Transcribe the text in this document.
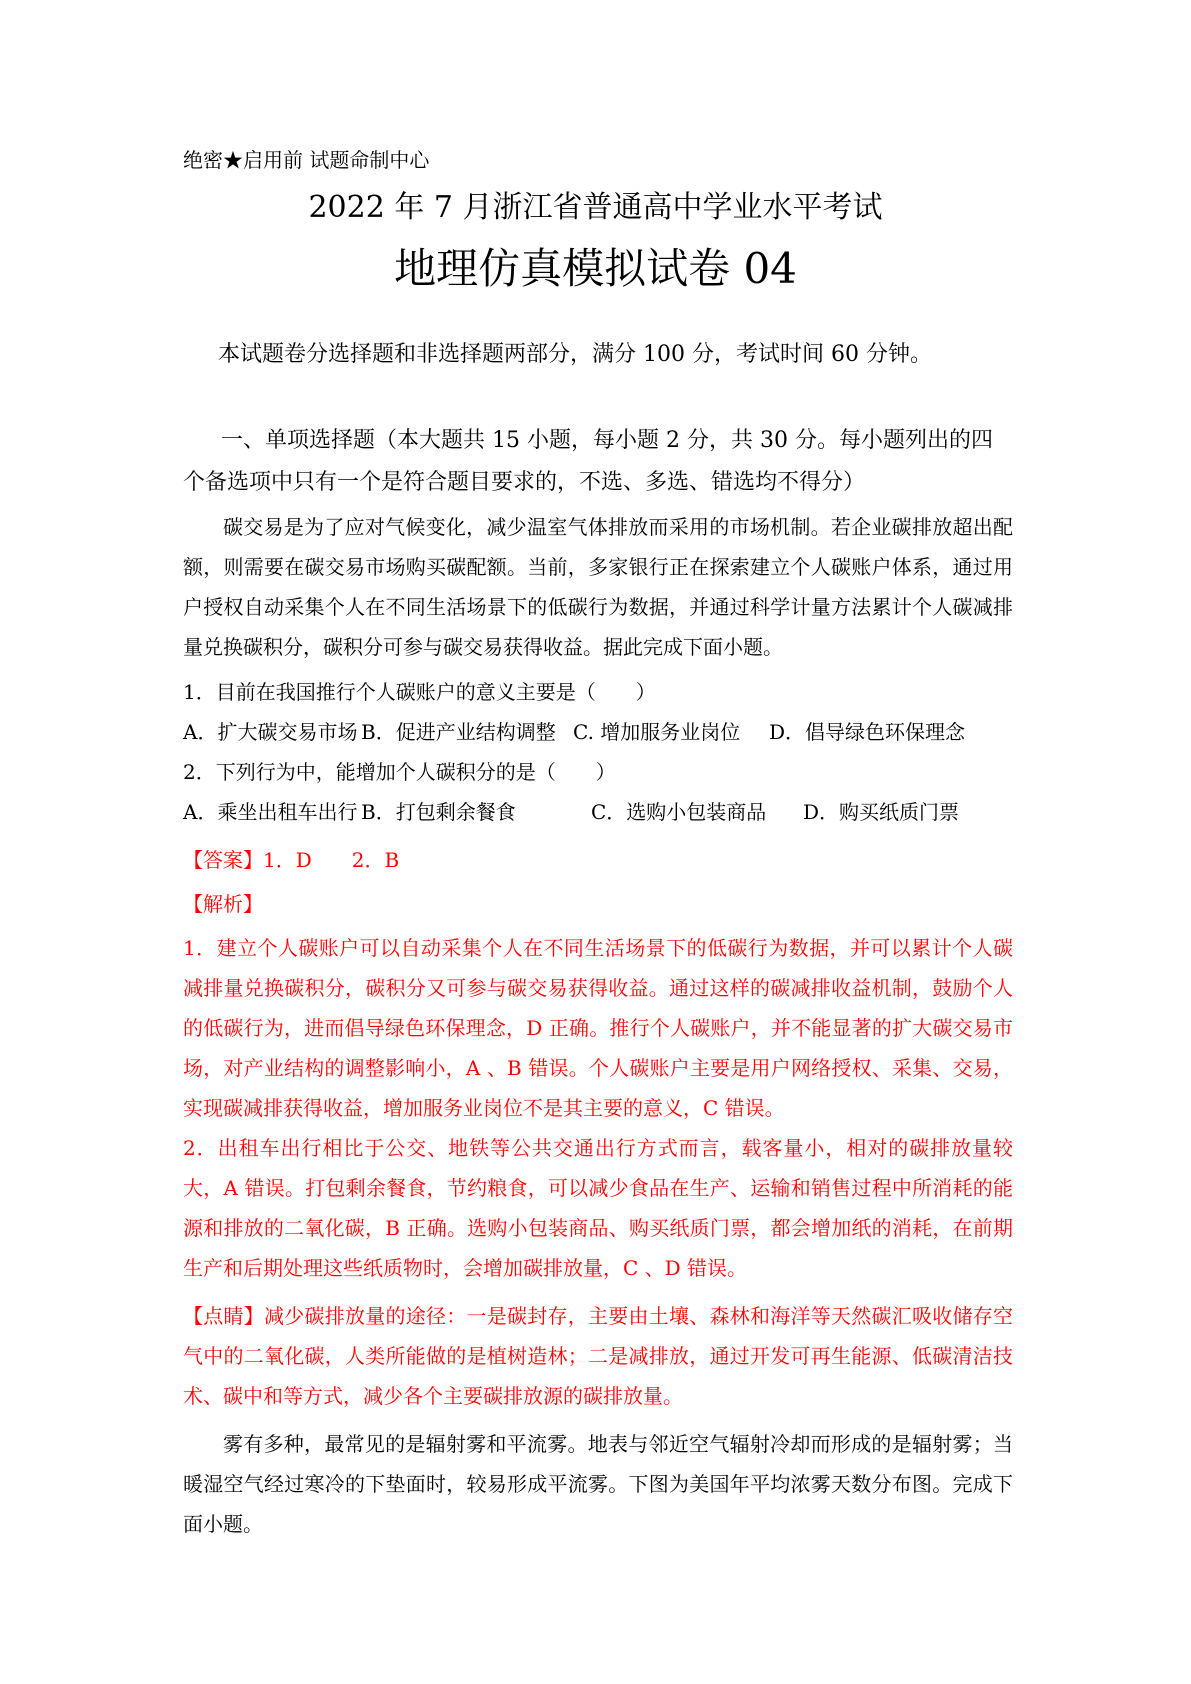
绝密★启用前 试题命制中心
2022 年 7 月浙江省普通高中学业水平考试
地理仿真模拟试卷 04
本试题卷分选择题和非选择题两部分，满分 100 分，考试时间 60 分钟。
一、单项选择题（本大题共 15 小题，每小题 2 分，共 30 分。每小题列出的四个备选项中只有一个是符合题目要求的，不选、多选、错选均不得分）
碳交易是为了应对气候变化，减少温室气体排放而采用的市场机制。若企业碳排放超出配额，则需要在碳交易市场购买碳配额。当前，多家银行正在探索建立个人碳账户体系，通过用户授权自动采集个人在不同生活场景下的低碳行为数据，并通过科学计量方法累计个人碳减排量兑换碳积分，碳积分可参与碳交易获得收益。据此完成下面小题。
1．目前在我国推行个人碳账户的意义主要是（　　）
A．扩大碳交易市场 B．促进产业结构调整 C. 增加服务业岗位 D．倡导绿色环保理念
2．下列行为中，能增加个人碳积分的是（　　）
A．乘坐出租车出行 B．打包剩余餐食	C．选购小包装商品 D．购买纸质门票
【答案】1．D　　2．B
【解析】
1．建立个人碳账户可以自动采集个人在不同生活场景下的低碳行为数据，并可以累计个人碳减排量兑换碳积分，碳积分又可参与碳交易获得收益。通过这样的碳减排收益机制，鼓励个人的低碳行为，进而倡导绿色环保理念，D 正确。推行个人碳账户，并不能显著的扩大碳交易市场，对产业结构的调整影响小，A 、B 错误。个人碳账户主要是用户网络授权、采集、交易，实现碳减排获得收益，增加服务业岗位不是其主要的意义，C 错误。
2．出租车出行相比于公交、地铁等公共交通出行方式而言，载客量小，相对的碳排放量较大，A 错误。打包剩余餐食，节约粮食，可以减少食品在生产、运输和销售过程中所消耗的能源和排放的二氧化碳，B 正确。选购小包装商品、购买纸质门票，都会增加纸的消耗，在前期生产和后期处理这些纸质物时，会增加碳排放量，C 、D 错误。
【点睛】减少碳排放量的途径：一是碳封存，主要由土壤、森林和海洋等天然碳汇吸收储存空气中的二氧化碳，人类所能做的是植树造林；二是减排放，通过开发可再生能源、低碳清洁技术、碳中和等方式，减少各个主要碳排放源的碳排放量。
雾有多种，最常见的是辐射雾和平流雾。地表与邻近空气辐射冷却而形成的是辐射雾；当暖湿空气经过寒冷的下垫面时，较易形成平流雾。下图为美国年平均浓雾天数分布图。完成下面小题。
